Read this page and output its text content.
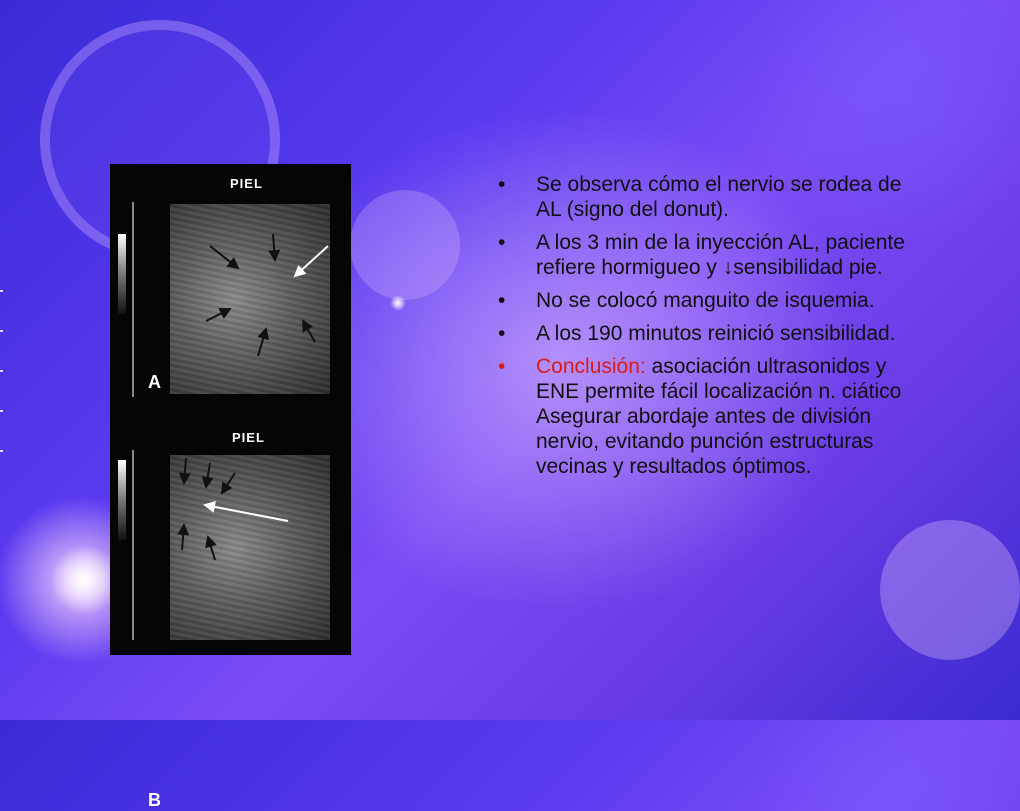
PIEL
A
PIEL
B
• Se observa cómo el nervio se rodea de AL (signo del donut).
• A los 3 min de la inyección AL, paciente refiere hormigueo y ↓sensibilidad pie.
• No se colocó manguito de isquemia.
• A los 190 minutos reinició sensibilidad.
• Conclusión: asociación ultrasonidos y ENE permite fácil localización n. ciático Asegurar abordaje antes de división nervio, evitando punción estructuras vecinas y resultados óptimos.
